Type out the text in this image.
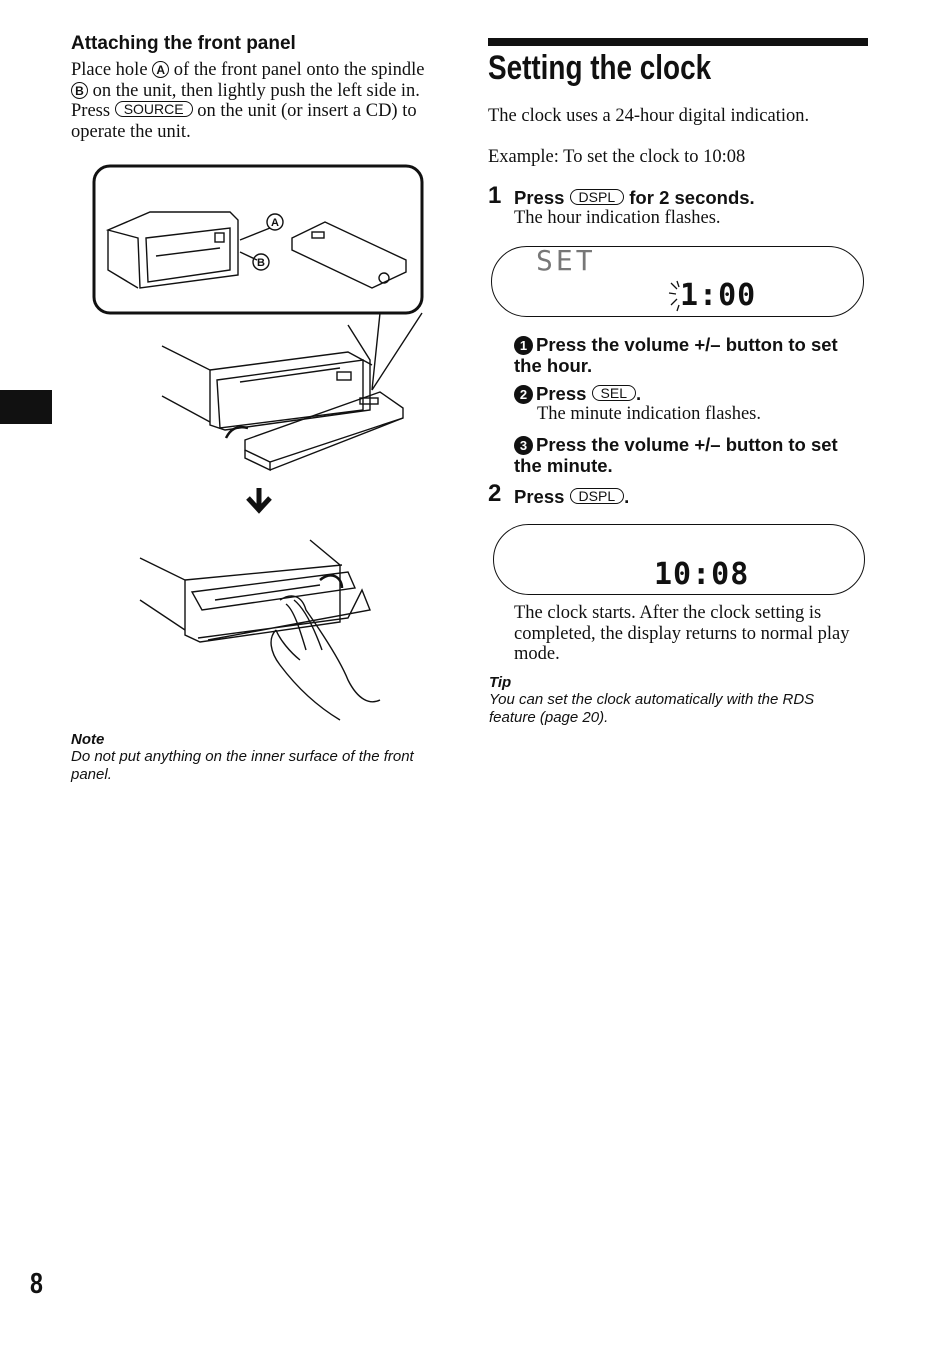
Attaching the front panel
Place hole A of the front panel onto the spindle
B on the unit, then lightly push the left side in.
Press SOURCE on the unit (or insert a CD) to
operate the unit.
A
B
Note
Do not put anything on the inner surface of the front panel.
8
Setting the clock
The clock uses a 24-hour digital indication.
Example: To set the clock to 10:08
1 Press DSPL for 2 seconds.
The hour indication flashes.
SET
1:00
1 Press the volume +/– button to set the hour.
2 Press SEL .
The minute indication flashes.
3 Press the volume +/– button to set the minute.
2 Press DSPL .
10:08
The clock starts. After the clock setting is completed, the display returns to normal play mode.
Tip
You can set the clock automatically with the RDS feature (page 20).
